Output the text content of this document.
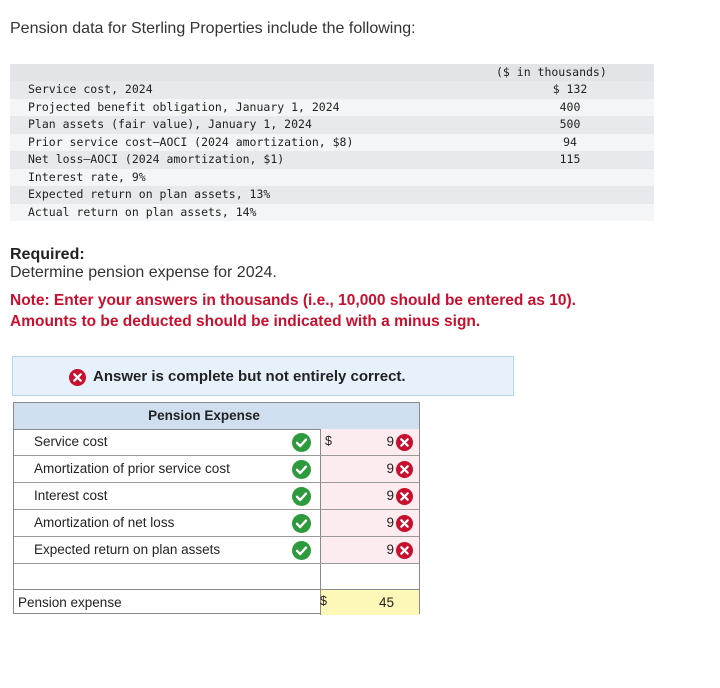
Pension data for Sterling Properties include the following:
($ in thousands)
Service cost, 2024	$ 132
Projected benefit obligation, January 1, 2024	400
Plan assets (fair value), January 1, 2024	500
Prior service cost—AOCI (2024 amortization, $8)	94
Net loss—AOCI (2024 amortization, $1)	115
Interest rate, 9%
Expected return on plan assets, 13%
Actual return on plan assets, 14%
Required:
Determine pension expense for 2024.
Note: Enter your answers in thousands (i.e., 10,000 should be entered as 10).
Amounts to be deducted should be indicated with a minus sign.
Answer is complete but not entirely correct.
Pension Expense
Service cost	$	9
Amortization of prior service cost	9
Interest cost	9
Amortization of net loss	9
Expected return on plan assets	9
Pension expense	$	45
